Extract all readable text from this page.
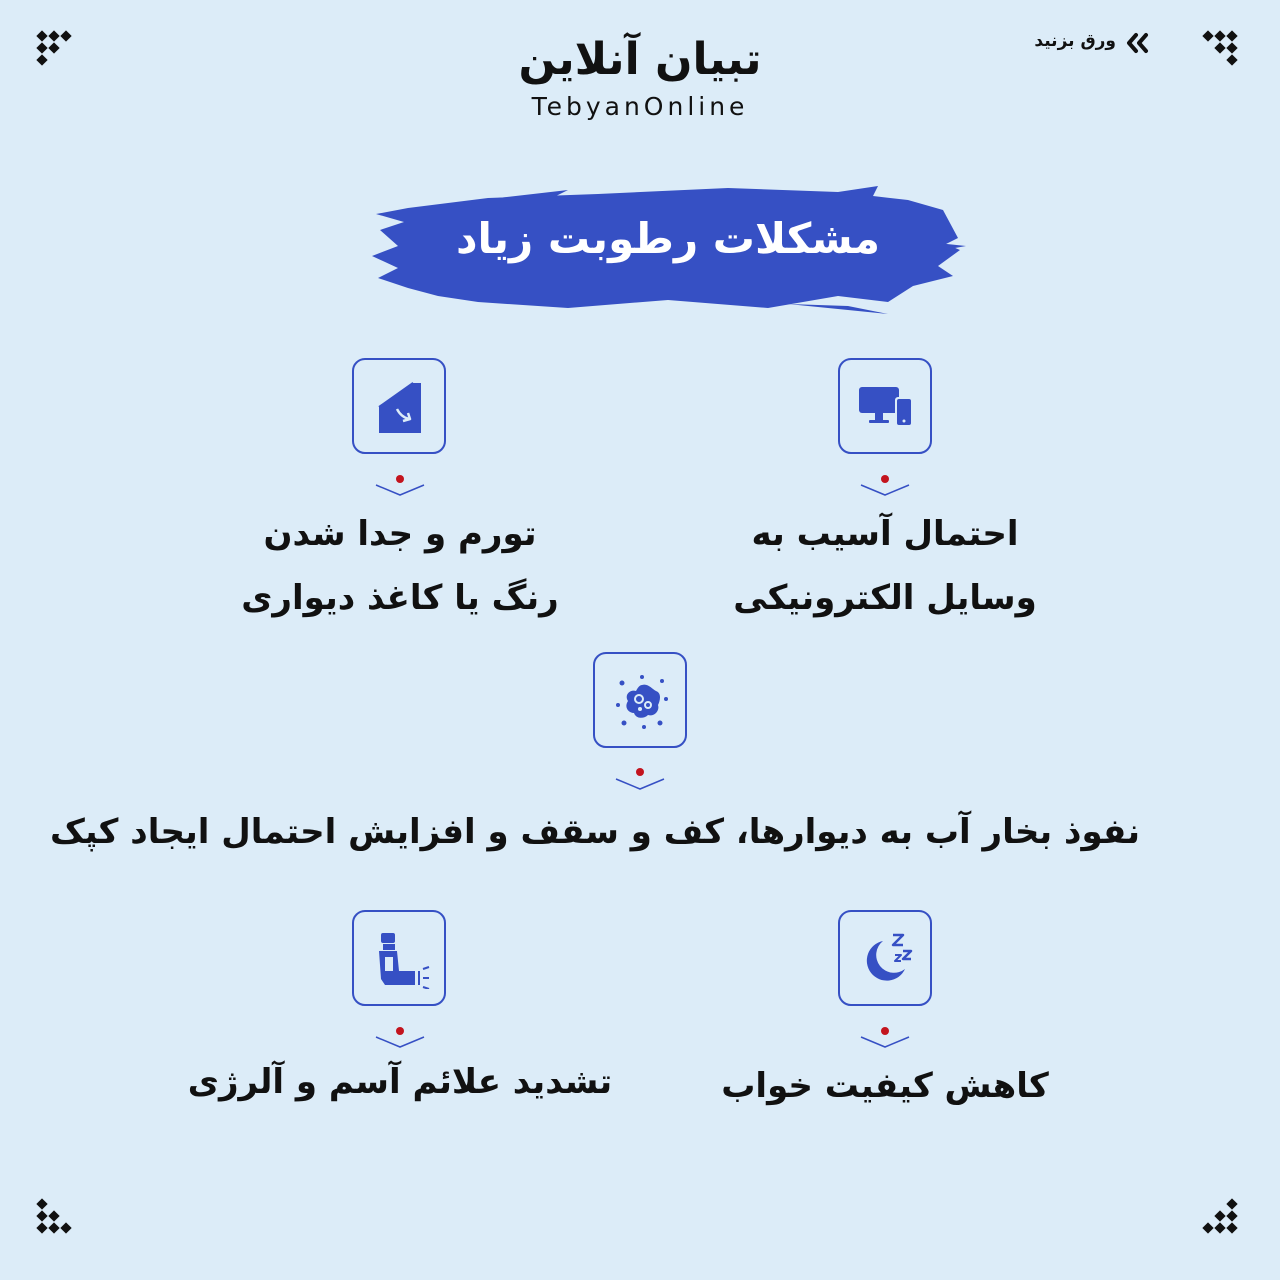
تبیان آنلاین
TebyanOnline
ورق بزنید
مشکلات رطوبت زیاد
احتمال آسیب به
وسایل الکترونیکی
تورم و جدا شدن
رنگ یا کاغذ دیواری
نفوذ بخار آب به دیوارها، کف و سقف و افزایش احتمال ایجاد کپک
کاهش کیفیت خواب
تشدید علائم آسم و آلرژی
